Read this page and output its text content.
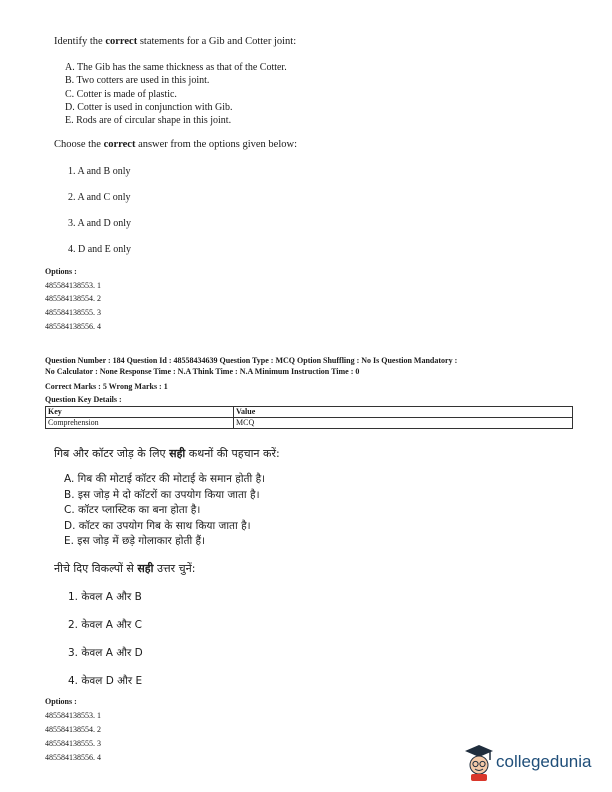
Identify the correct statements for a Gib and Cotter joint:
A. The Gib has the same thickness as that of the Cotter.
B. Two cotters are used in this joint.
C. Cotter is made of plastic.
D. Cotter is used in conjunction with Gib.
E. Rods are of circular shape in this joint.
Choose the correct answer from the options given below:
1. A and B only
2. A and C only
3. A and D only
4. D and E only
Options :
485584138553. 1
485584138554. 2
485584138555. 3
485584138556. 4
Question Number : 184 Question Id : 48558434639 Question Type : MCQ Option Shuffling : No Is Question Mandatory :
No Calculator : None Response Time : N.A Think Time : N.A Minimum Instruction Time : 0
Correct Marks : 5 Wrong Marks : 1
Question Key Details :
Key	Value
Comprehension	MCQ
गिब और कॉटर जोड़ के लिए सही कथनों की पहचान करें:
A. गिब की मोटाई कॉटर की मोटाई के समान होती है।
B. इस जोड़ मे दो कॉटरों का उपयोग किया जाता है।
C. कॉटर प्लास्टिक का बना होता है।
D. कॉटर का उपयोग गिब के साथ किया जाता है।
E. इस जोड़ में छड़े गोलाकार होती हैं।
नीचे दिए विकल्पों से सही उत्तर चुनें:
1. केवल A और B
2. केवल A और C
3. केवल A और D
4. केवल D और E
Options :
485584138553. 1
485584138554. 2
485584138555. 3
485584138556. 4	collegedunia
